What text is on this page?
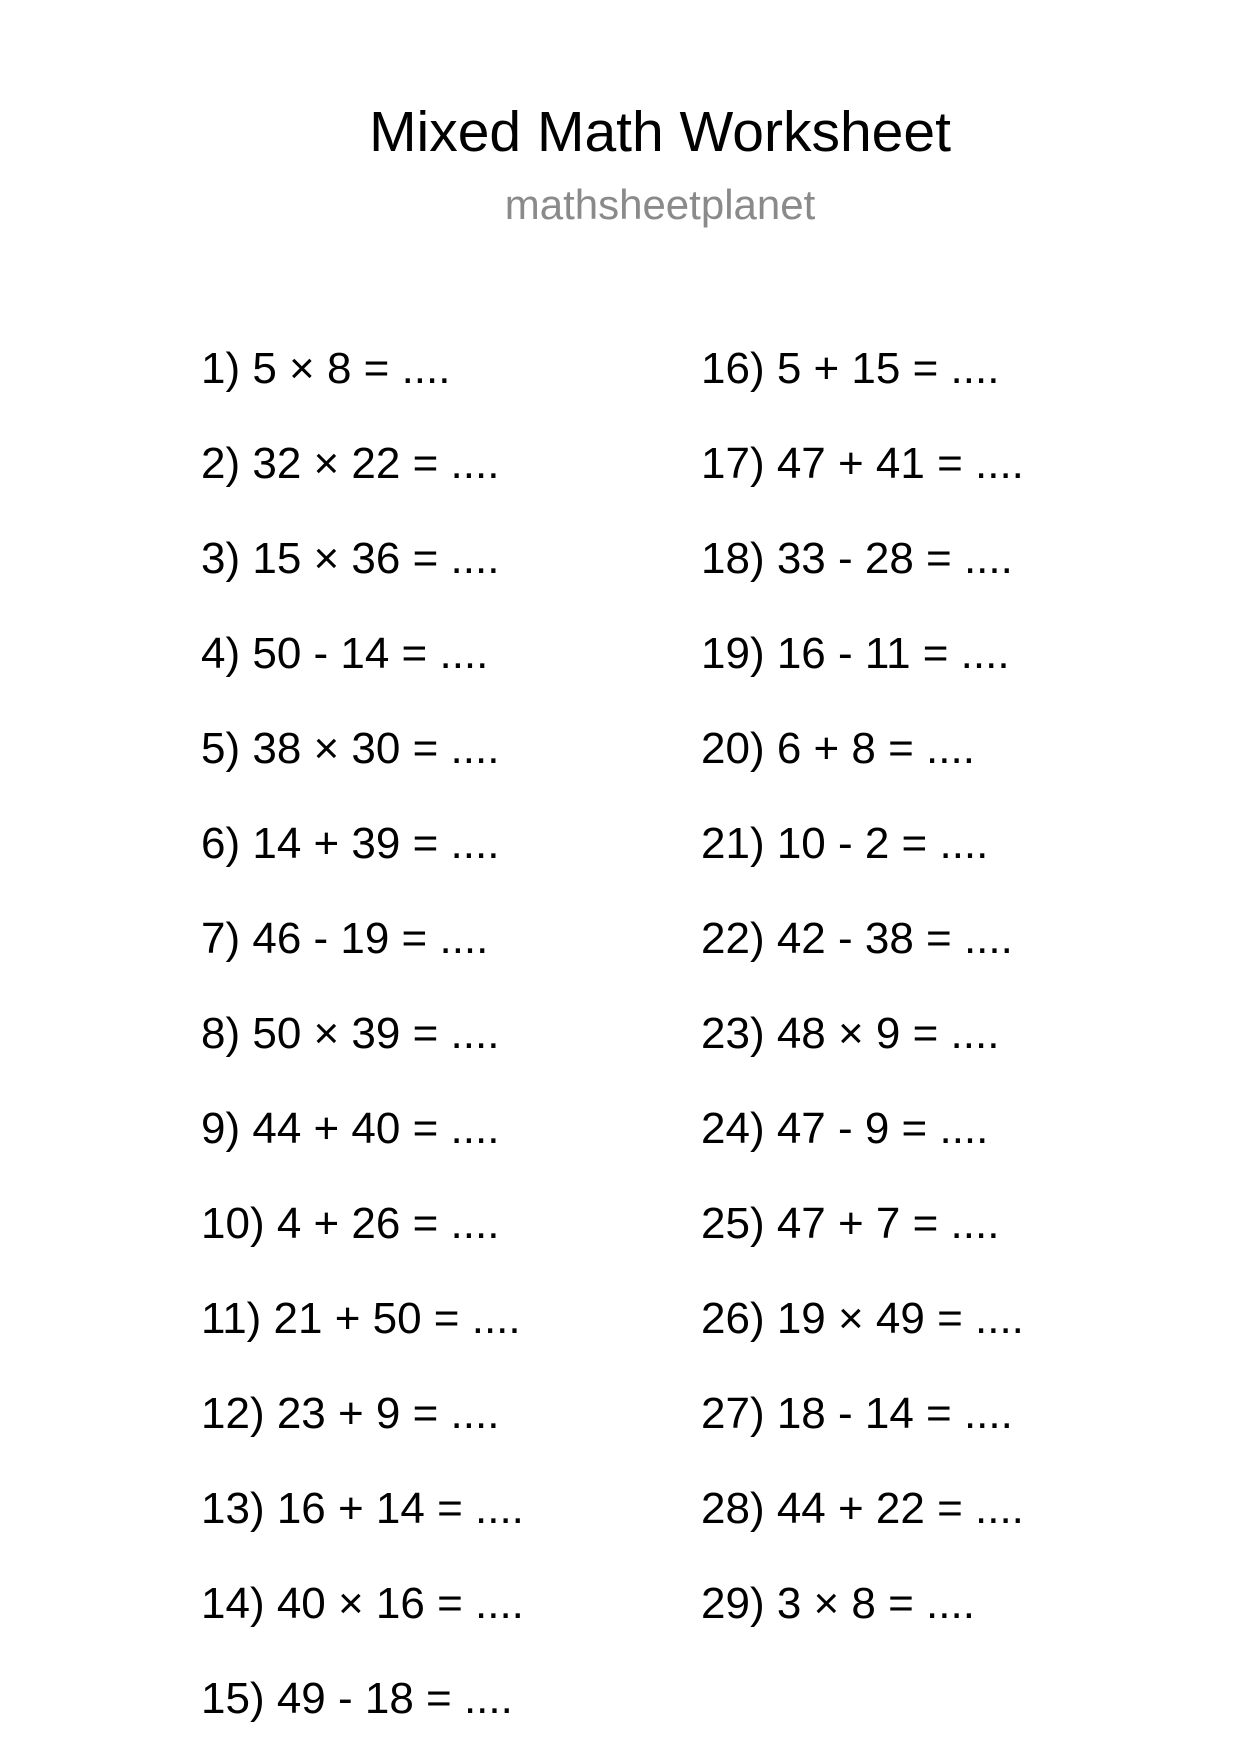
Mixed Math Worksheet
mathsheetplanet
1) 5 × 8 = ....
2) 32 × 22 = ....
3) 15 × 36 = ....
4) 50 - 14 = ....
5) 38 × 30 = ....
6) 14 + 39 = ....
7) 46 - 19 = ....
8) 50 × 39 = ....
9) 44 + 40 = ....
10) 4 + 26 = ....
11) 21 + 50 = ....
12) 23 + 9 = ....
13) 16 + 14 = ....
14) 40 × 16 = ....
15) 49 - 18 = ....
16) 5 + 15 = ....
17) 47 + 41 = ....
18) 33 - 28 = ....
19) 16 - 11 = ....
20) 6 + 8 = ....
21) 10 - 2 = ....
22) 42 - 38 = ....
23) 48 × 9 = ....
24) 47 - 9 = ....
25) 47 + 7 = ....
26) 19 × 49 = ....
27) 18 - 14 = ....
28) 44 + 22 = ....
29) 3 × 8 = ....
